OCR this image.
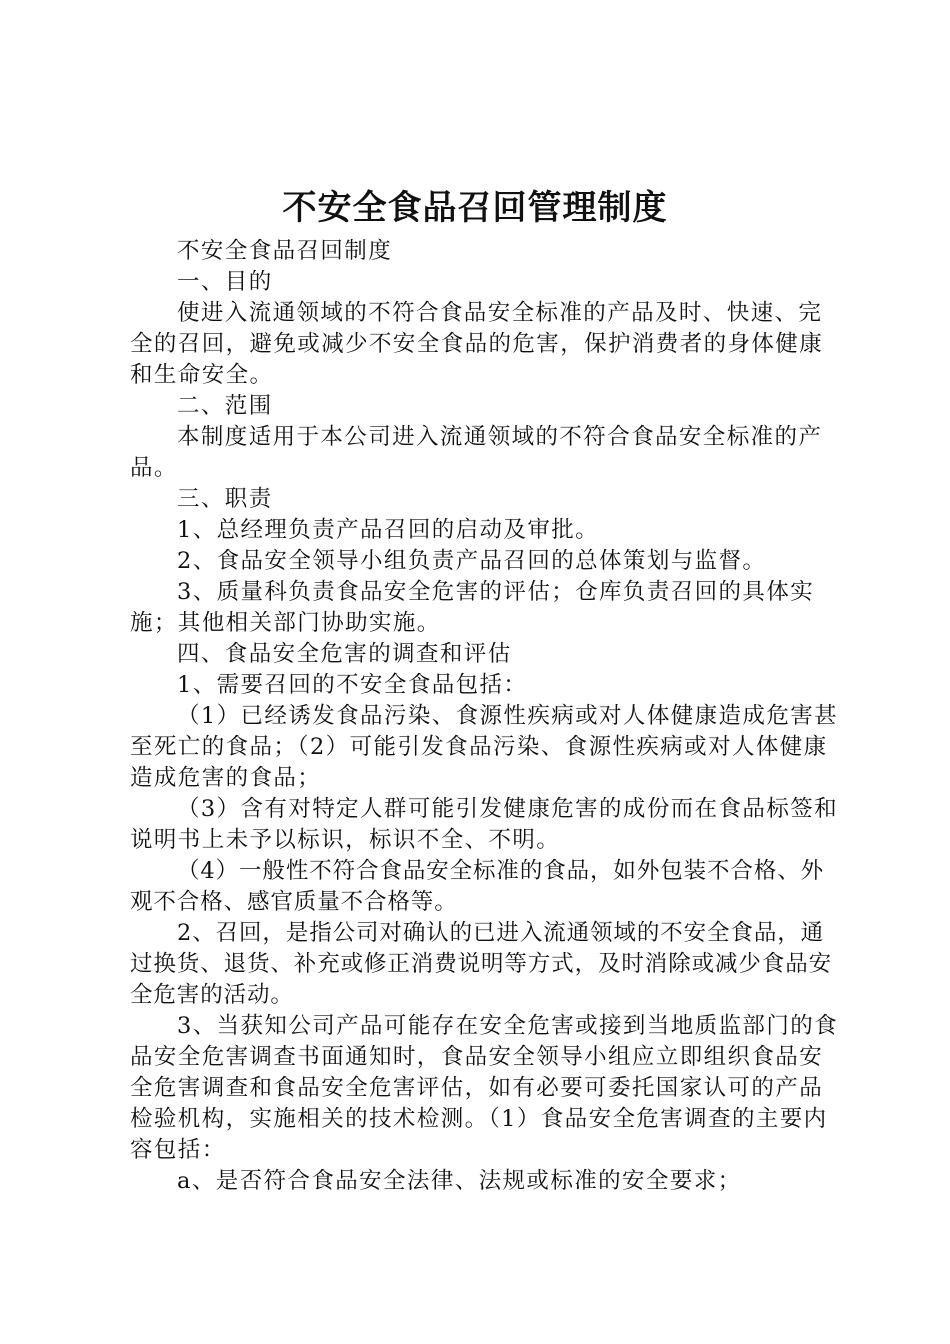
不安全食品召回管理制度

不安全食品召回制度

一、目的

使进入流通领域的不符合食品安全标准的产品及时、快速、完全的召回，避免或减少不安全食品的危害，保护消费者的身体健康和生命安全。

二、范围

本制度适用于本公司进入流通领域的不符合食品安全标准的产品。

三、职责

1、总经理负责产品召回的启动及审批。

2、食品安全领导小组负责产品召回的总体策划与监督。

3、质量科负责食品安全危害的评估；仓库负责召回的具体实施；其他相关部门协助实施。

四、食品安全危害的调查和评估

1、需要召回的不安全食品包括：

（1）已经诱发食品污染、食源性疾病或对人体健康造成危害甚至死亡的食品；（2）可能引发食品污染、食源性疾病或对人体健康造成危害的食品；

（3）含有对特定人群可能引发健康危害的成份而在食品标签和说明书上未予以标识，标识不全、不明。

（4）一般性不符合食品安全标准的食品，如外包装不合格、外观不合格、感官质量不合格等。

2、召回，是指公司对确认的已进入流通领域的不安全食品，通过换货、退货、补充或修正消费说明等方式，及时消除或减少食品安全危害的活动。

3、当获知公司产品可能存在安全危害或接到当地质监部门的食品安全危害调查书面通知时，食品安全领导小组应立即组织食品安全危害调查和食品安全危害评估，如有必要可委托国家认可的产品检验机构，实施相关的技术检测。（1）食品安全危害调查的主要内容包括：

a、是否符合食品安全法律、法规或标准的安全要求；
